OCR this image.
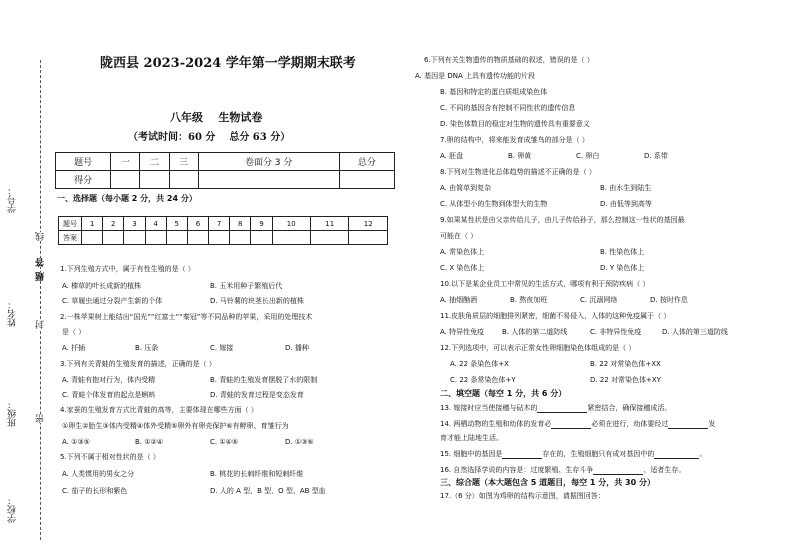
学号：
姓名：
班级：
学校：
线
答
题
封
密
陇西县 2023-2024 学年第一学期期末联考
八年级    生物试卷
（考试时间：60 分    总分 63 分）
题号	一	二	三	卷面分 3 分	总分
得分					
一、选择题（每小题 2 分，共 24 分）
题号	1	2	3	4	5	6	7	8	9	10	11	12
答案												
1.下列生殖方式中，属于有性生殖的是（ ）
A. 榛草的叶长成新的植株	B. 玉米用种子繁殖后代
C. 草履虫通过分裂产生新的个体	D. 马铃薯的块茎长出新的植株
2.一株苹果树上能结出“国光”“红富士”“秦冠”等不同品种的苹果，采用的处理技术
是（ ）
A. 扦插	B. 压条	C. 嫁接	D. 播种
3.下列有关青蛙的生殖发育的描述，正确的是（ ）
A. 青蛙有抱对行为，体内受精	B. 青蛙的生殖发育摆脱了水的限制
C. 青蛙个体发育的起点是蝌蚪	D. 青蛙的发育过程是变态发育
4.家蚕的生殖发育方式比青蛙的高等，主要体现在哪些方面（ ）
①卵生②胎生③体内受精④体外受精⑤卵外有卵壳保护⑥有孵卵、育雏行为
A. ①③⑤	B. ①②④	C. ①④⑤	D. ①③⑥
5.下列不属于相对性状的是（ ）
A. 人类惯用的男女之分	B. 桃花的长刺纤维和短刺纤维
C. 茄子的长形和紫色	D. 人的 A 型、B 型、O 型、AB 型血
6.下列有关生物遗传的物质基础的叙述，错误的是（ ）
A. 基因是 DNA 上具有遗传功能的片段
B. 基因和特定的蛋白质组成染色体
C. 不同的基因含有控制不同性状的遗传信息
D. 染色体数目的稳定对生物的遗传具有重要意义
7.卵的结构中，将来能发育成雏鸟的部分是（ ）
A. 胚盘	B. 卵黄	C. 卵白	D. 系带
8.下列对生物进化总体趋势的描述不正确的是（ ）
A. 由简单到复杂	B. 由水生到陆生
C. 从体型小的生物到体型大的生物	D. 由低等到高等
9.如果某性状是由父亲传给儿子，由儿子传给孙子，那么控制这一性状的基因最
可能在（ ）
A. 常染色体上	B. 性染色体上
C. X 染色体上	D. Y 染色体上
10.以下是某企业员工中常见的生活方式，哪项有利于预防疾病（ ）
A. 抽烟酗酒	B. 熬夜加班	C. 沉溺网络	D. 按时作息
11.皮肤角质层的细胞排列紧密，细菌不易侵入，人体的这种免疫属于（ ）
A. 特异性免疫	B. 人体的第二道防线	C. 非特异性免疫	D. 人体的第三道防线
12.下列选项中，可以表示正常女性卵细胞染色体组成的是（ ）
A. 22 条染色体+X	B. 22 对常染色体+XX
C. 22 条常染色体+Y	D. 22 对常染色体+XY
二、填空题（每空 1 分，共 6 分）
13. 嫁接时应当使接穗与砧木的	紧密结合，确保接穗成活。
14. 两栖动物的生殖和幼体的发育必	必须在进行，幼体要经过	发
育才能上陆地生活。
15. 细胞中的基因是	存在的，生殖细胞只有成对基因中的	。
16. 自然选择学说的内容是：过度繁殖、生存斗争	、适者生存。
三、综合题（本大题包含 5 道题目，每空 1 分，共 30 分）
17.（6 分）如图为鸡卵的结构示意图，请据图回答：
